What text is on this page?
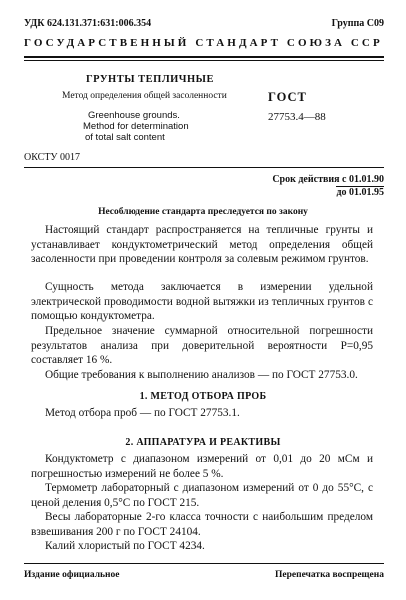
УДК 624.131.371:631:006.354	Группа С09
ГОСУДАРСТВЕННЫЙ СТАНДАРТ СОЮЗА ССР
ГРУНТЫ ТЕПЛИЧНЫЕ
Метод определения общей засоленности
Greenhouse grounds.
Method for determination
of total salt content
ГОСТ
27753.4—88
ОКСТУ 0017
Срок действия с 01.01.90
до 01.01.95
Несоблюдение стандарта преследуется по закону
Настоящий стандарт распространяется на тепличные грунты и устанавливает кондуктометрический метод определения общей засоленности при проведении контроля за солевым режимом грунтов.
Сущность метода заключается в измерении удельной электрической проводимости водной вытяжки из тепличных грунтов с помощью кондуктометра.
Предельное значение суммарной относительной погрешности результатов анализа при доверительной вероятности Р=0,95 составляет 16 %.
Общие требования к выполнению анализов — по ГОСТ 27753.0.
1. МЕТОД ОТБОРА ПРОБ
Метод отбора проб — по ГОСТ 27753.1.
2. АППАРАТУРА И РЕАКТИВЫ
Кондуктометр с диапазоном измерений от 0,01 до 20 мСм и погрешностью измерений не более 5 %.
Термометр лабораторный с диапазоном измерений от 0 до 55°С, с ценой деления 0,5°С по ГОСТ 215.
Весы лабораторные 2-го класса точности с наибольшим пределом взвешивания 200 г по ГОСТ 24104.
Калий хлористый по ГОСТ 4234.
Издание официальное	Перепечатка воспрещена
